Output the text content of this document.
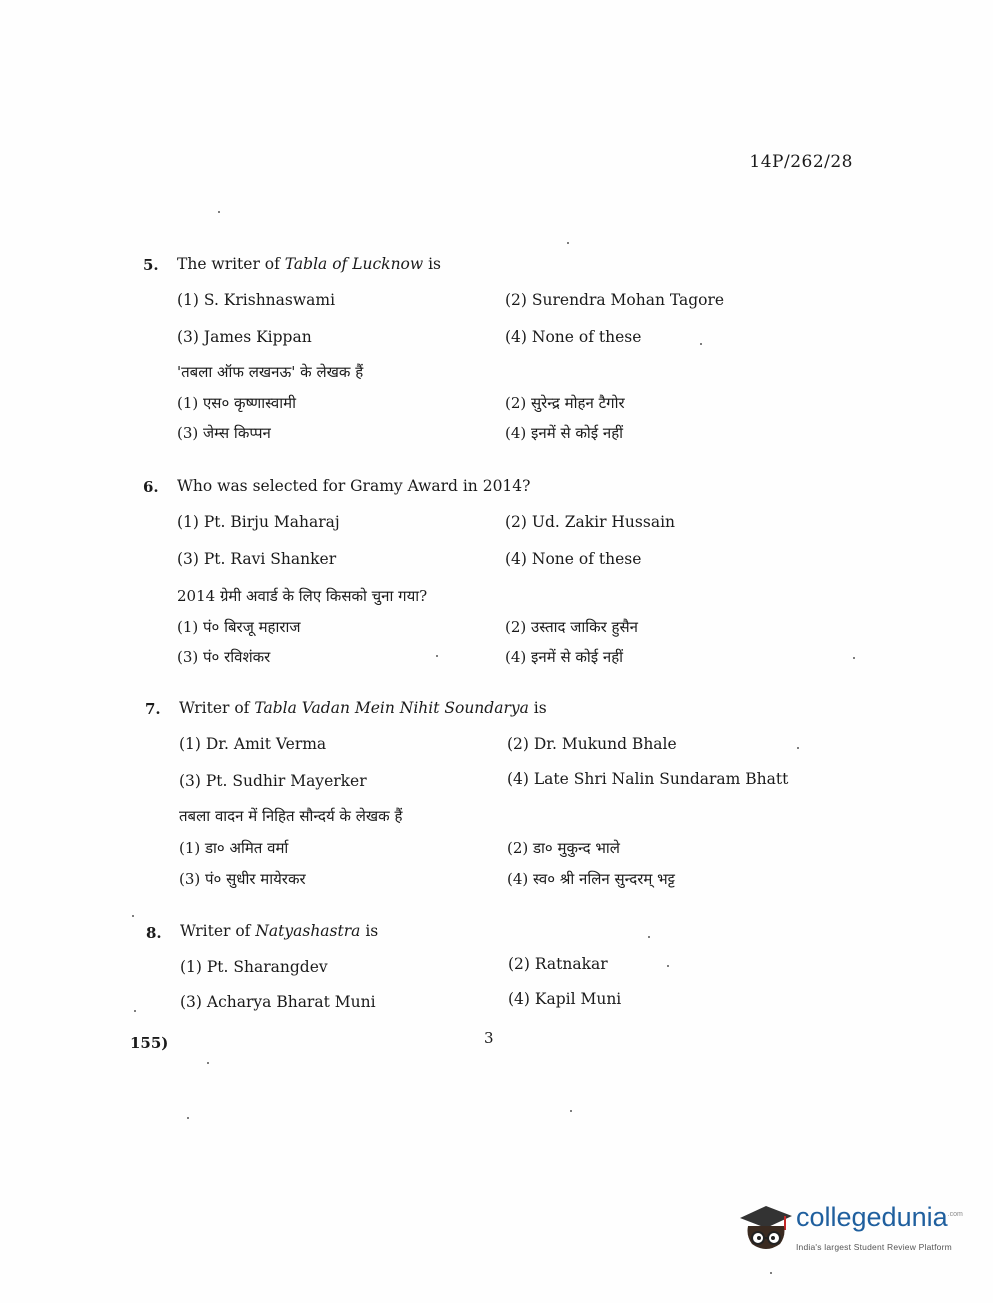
14P/262/28
5. The writer of Tabla of Lucknow is
(1) S. Krishnaswami	(2) Surendra Mohan Tagore
(3) James Kippan	(4) None of these
'तबला ऑफ लखनऊ' के लेखक हैं
(1) एस० कृष्णास्वामी	(2) सुरेन्द्र मोहन टैगोर
(3) जेम्स किप्पन	(4) इनमें से कोई नहीं
6. Who was selected for Gramy Award in 2014?
(1) Pt. Birju Maharaj	(2) Ud. Zakir Hussain
(3) Pt. Ravi Shanker	(4) None of these
2014 ग्रेमी अवार्ड के लिए किसको चुना गया?
(1) पं० बिरजू महाराज	(2) उस्ताद जाकिर हुसैन
(3) पं० रविशंकर	(4) इनमें से कोई नहीं
7. Writer of Tabla Vadan Mein Nihit Soundarya is
(1) Dr. Amit Verma	(2) Dr. Mukund Bhale
(3) Pt. Sudhir Mayerker	(4) Late Shri Nalin Sundaram Bhatt
तबला वादन में निहित सौन्दर्य के लेखक हैं
(1) डा० अमित वर्मा	(2) डा० मुकुन्द भाले
(3) पं० सुधीर मायेरकर	(4) स्व० श्री नलिन सुन्दरम् भट्ट
8. Writer of Natyashastra is
(1) Pt. Sharangdev	(2) Ratnakar
(3) Acharya Bharat Muni	(4) Kapil Muni
155)	3
collegedunia$^{.com}$
India's largest Student Review Platform
